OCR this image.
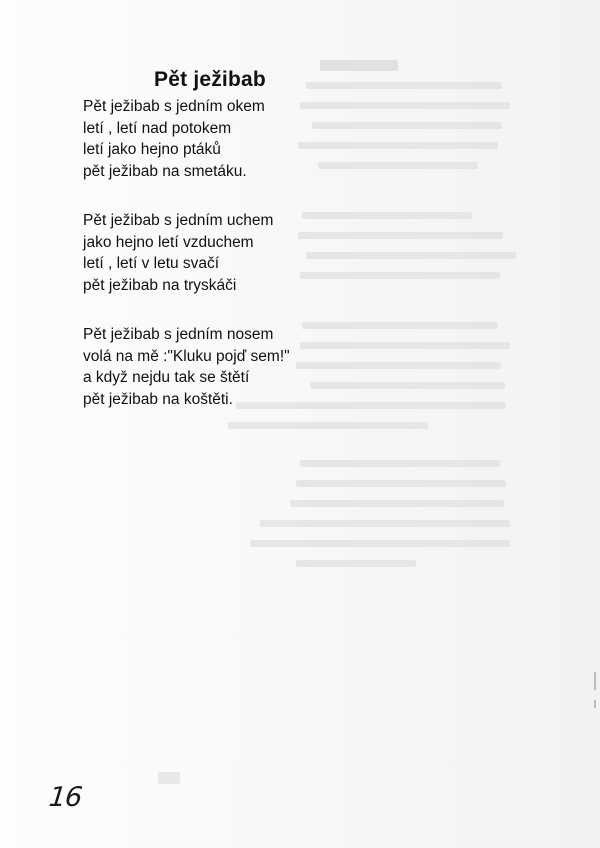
Pět ježibab
Pět ježibab s jedním okem
letí , letí nad potokem
letí jako hejno ptáků
pět ježibab na smetáku.
Pět ježibab s jedním uchem
jako hejno letí vzduchem
letí , letí v letu svačí
pět ježibab na tryskáči
Pět ježibab s jedním nosem
volá na mě :"Kluku pojď sem!"
a když nejdu tak se štětí
pět ježibab na koštěti.
16
